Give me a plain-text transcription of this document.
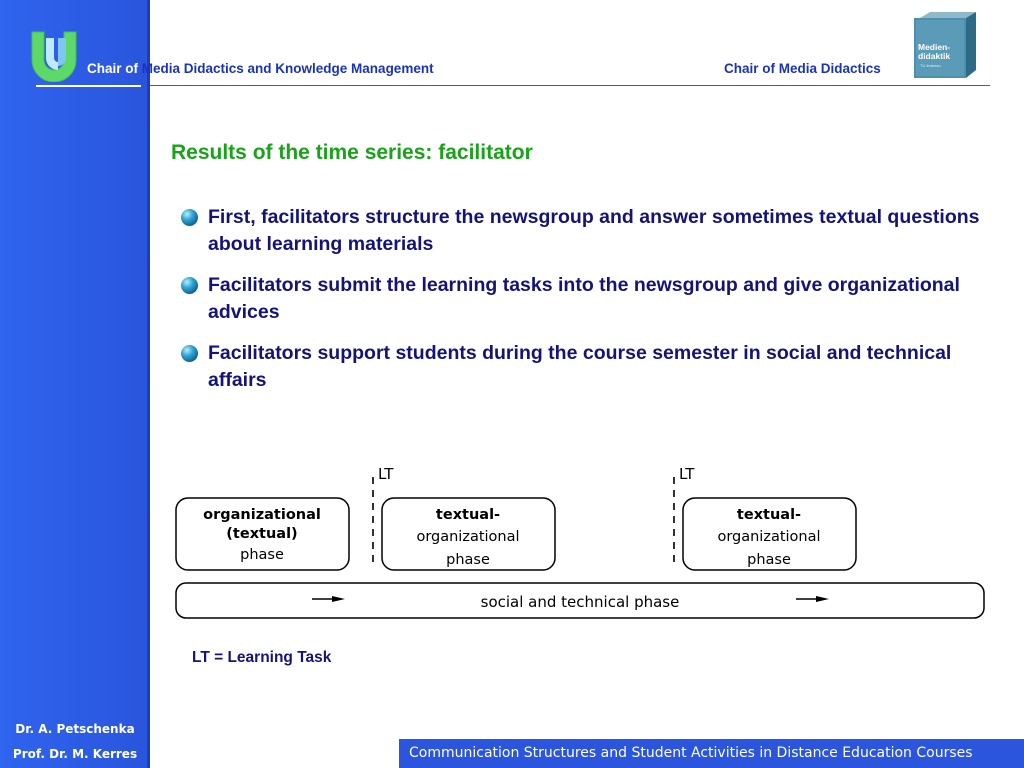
Chair of Media Didactics and Knowledge Management	Chair of Media Didactics
Medien-
didaktik
TU Ilmenau
Results of the time series: facilitator
First, facilitators structure the newsgroup and answer sometimes textual questions about learning materials
Facilitators submit the learning tasks into the newsgroup and give organizational advices
Facilitators support students during the course semester in social and technical affairs
LT	LT
organizational
(textual)
phase
textual-
organizational
phase
textual-
organizational
phase
social and technical phase
LT = Learning Task
Dr. A. Petschenka
Prof. Dr. M. Kerres	Communication Structures and Student Activities in Distance Education Courses
